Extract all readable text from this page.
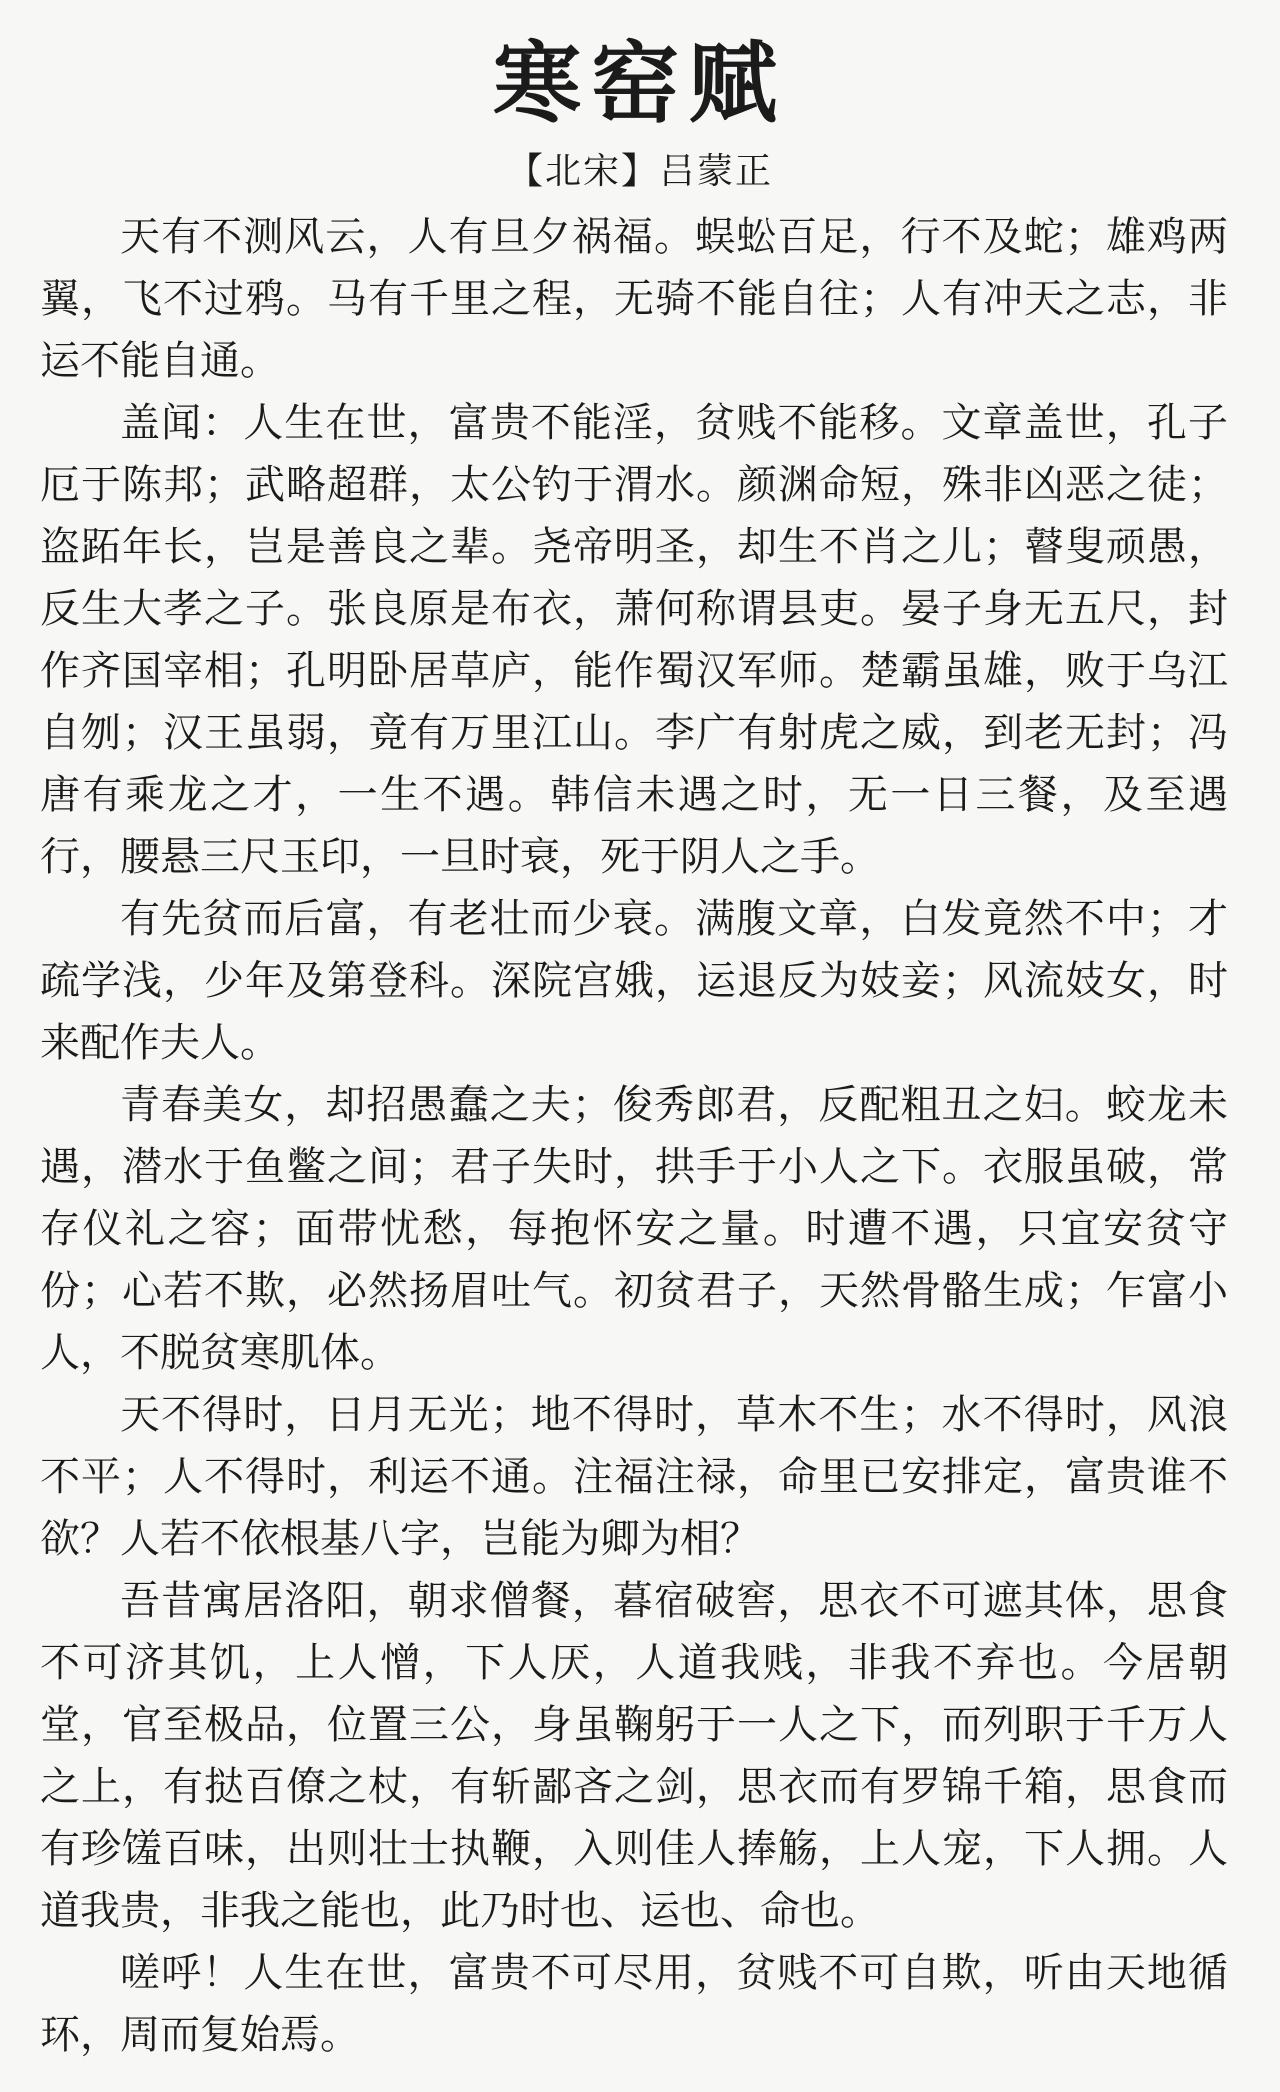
寒窑赋
【北宋】吕蒙正

天有不测风云，人有旦夕祸福。蜈蚣百足，行不及蛇；雄鸡两翼，飞不过鸦。马有千里之程，无骑不能自往；人有冲天之志，非运不能自通。

盖闻：人生在世，富贵不能淫，贫贱不能移。文章盖世，孔子厄于陈邦；武略超群，太公钓于渭水。颜渊命短，殊非凶恶之徒；盗跖年长，岂是善良之辈。尧帝明圣，却生不肖之儿；瞽叟顽愚，反生大孝之子。张良原是布衣，萧何称谓县吏。晏子身无五尺，封作齐国宰相；孔明卧居草庐，能作蜀汉军师。楚霸虽雄，败于乌江自刎；汉王虽弱，竟有万里江山。李广有射虎之威，到老无封；冯唐有乘龙之才，一生不遇。韩信未遇之时，无一日三餐，及至遇行，腰悬三尺玉印，一旦时衰，死于阴人之手。

有先贫而后富，有老壮而少衰。满腹文章，白发竟然不中；才疏学浅，少年及第登科。深院宫娥，运退反为妓妾；风流妓女，时来配作夫人。

青春美女，却招愚蠢之夫；俊秀郎君，反配粗丑之妇。蛟龙未遇，潜水于鱼鳖之间；君子失时，拱手于小人之下。衣服虽破，常存仪礼之容；面带忧愁，每抱怀安之量。时遭不遇，只宜安贫守份；心若不欺，必然扬眉吐气。初贫君子，天然骨骼生成；乍富小人，不脱贫寒肌体。

天不得时，日月无光；地不得时，草木不生；水不得时，风浪不平；人不得时，利运不通。注福注禄，命里已安排定，富贵谁不欲？人若不依根基八字，岂能为卿为相？

吾昔寓居洛阳，朝求僧餐，暮宿破窖，思衣不可遮其体，思食不可济其饥，上人憎，下人厌，人道我贱，非我不弃也。今居朝堂，官至极品，位置三公，身虽鞠躬于一人之下，而列职于千万人之上，有挞百僚之杖，有斩鄙吝之剑，思衣而有罗锦千箱，思食而有珍馐百味，出则壮士执鞭，入则佳人捧觞，上人宠，下人拥。人道我贵，非我之能也，此乃时也、运也、命也。

嗟呼！人生在世，富贵不可尽用，贫贱不可自欺，听由天地循环，周而复始焉。
